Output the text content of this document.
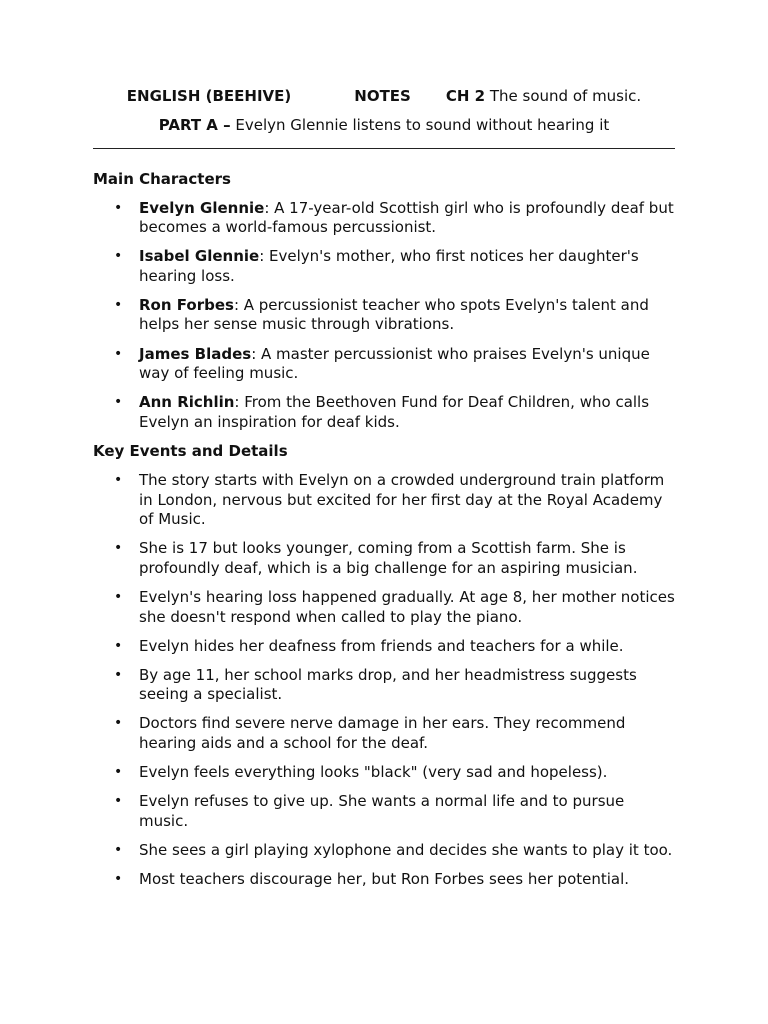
ENGLISH (BEEHIVE)	NOTES CH 2 The sound of music.
PART A – Evelyn Glennie listens to sound without hearing it

Main Characters

• Evelyn Glennie: A 17-year-old Scottish girl who is profoundly deaf but becomes a world-famous percussionist.
• Isabel Glennie: Evelyn's mother, who first notices her daughter's hearing loss.
• Ron Forbes: A percussionist teacher who spots Evelyn's talent and helps her sense music through vibrations.
• James Blades: A master percussionist who praises Evelyn's unique way of feeling music.
• Ann Richlin: From the Beethoven Fund for Deaf Children, who calls Evelyn an inspiration for deaf kids.

Key Events and Details

• The story starts with Evelyn on a crowded underground train platform in London, nervous but excited for her first day at the Royal Academy of Music.
• She is 17 but looks younger, coming from a Scottish farm. She is profoundly deaf, which is a big challenge for an aspiring musician.
• Evelyn's hearing loss happened gradually. At age 8, her mother notices she doesn't respond when called to play the piano.
• Evelyn hides her deafness from friends and teachers for a while.
• By age 11, her school marks drop, and her headmistress suggests seeing a specialist.
• Doctors find severe nerve damage in her ears. They recommend hearing aids and a school for the deaf.
• Evelyn feels everything looks "black" (very sad and hopeless).
• Evelyn refuses to give up. She wants a normal life and to pursue music.
• She sees a girl playing xylophone and decides she wants to play it too.
• Most teachers discourage her, but Ron Forbes sees her potential.
